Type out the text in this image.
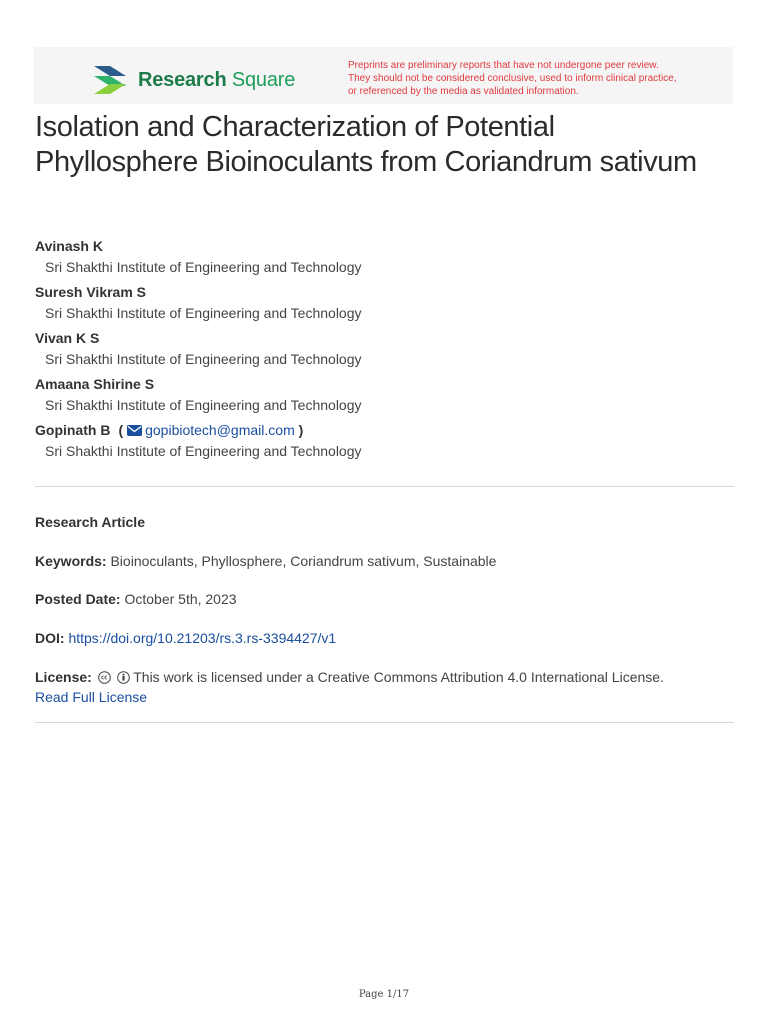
Research Square
Preprints are preliminary reports that have not undergone peer review.
They should not be considered conclusive, used to inform clinical practice,
or referenced by the media as validated information.
Isolation and Characterization of Potential Phyllosphere Bioinoculants from Coriandrum sativum
Avinash K
Sri Shakthi Institute of Engineering and Technology
Suresh Vikram S
Sri Shakthi Institute of Engineering and Technology
Vivan K S
Sri Shakthi Institute of Engineering and Technology
Amaana Shirine S
Sri Shakthi Institute of Engineering and Technology
Gopinath B ( gopibiotech@gmail.com )
Sri Shakthi Institute of Engineering and Technology
Research Article
Keywords: Bioinoculants, Phyllosphere, Coriandrum sativum, Sustainable
Posted Date: October 5th, 2023
DOI: https://doi.org/10.21203/rs.3.rs-3394427/v1
License:	This work is licensed under a Creative Commons Attribution 4.0 International License.
Read Full License
Page 1/17
